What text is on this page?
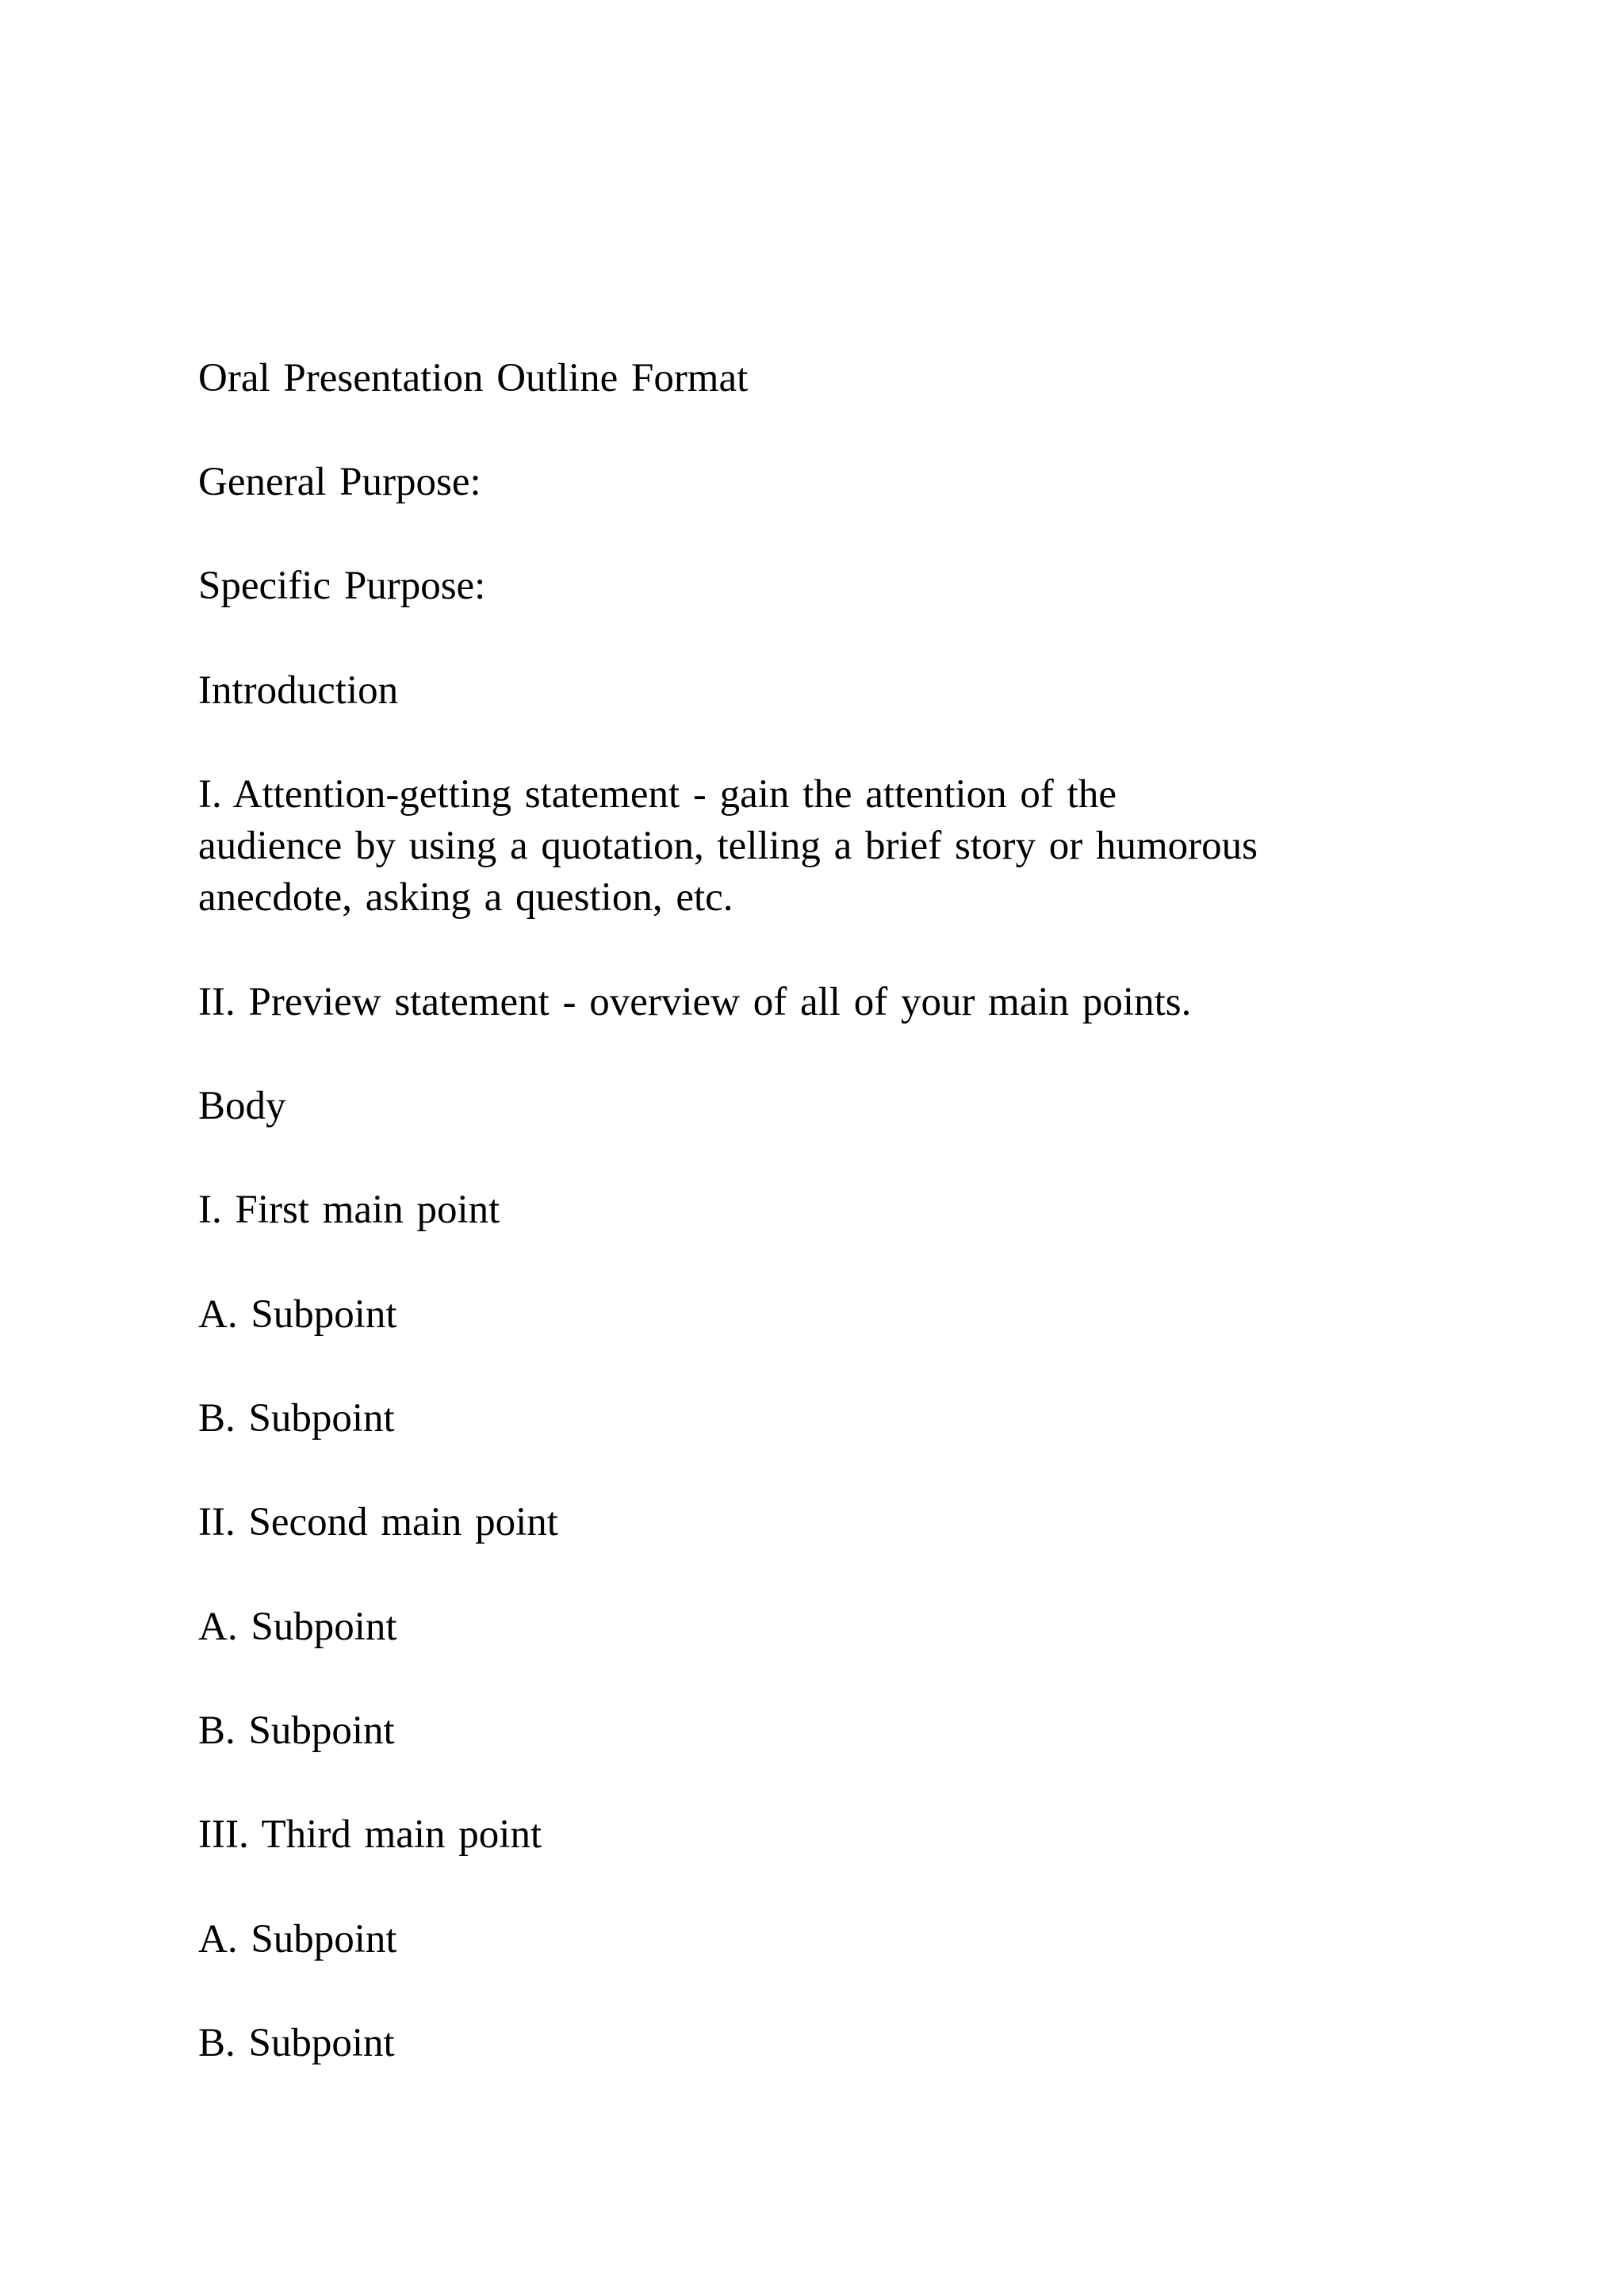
Oral Presentation Outline Format
General Purpose:
Specific Purpose:
Introduction
I. Attention-getting statement - gain the attention of the
audience by using a quotation, telling a brief story or humorous
anecdote, asking a question, etc.
II. Preview statement - overview of all of your main points.
Body
I. First main point
A. Subpoint
B. Subpoint
II. Second main point
A. Subpoint
B. Subpoint
III. Third main point
A. Subpoint
B. Subpoint
